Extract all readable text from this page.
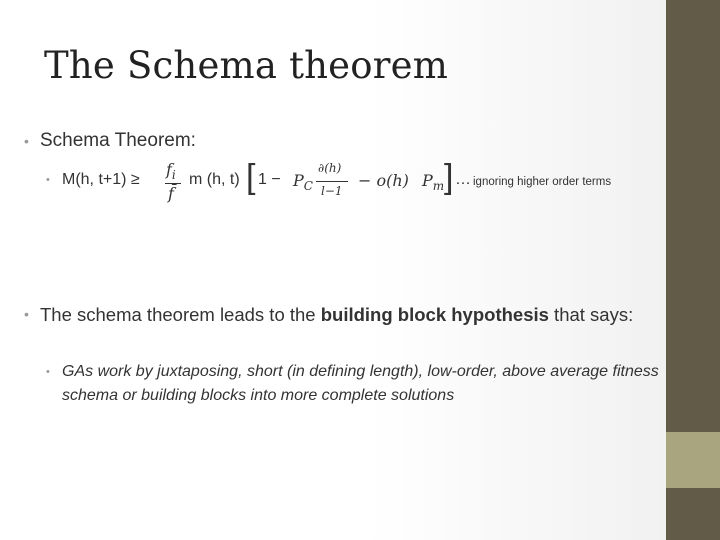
The Schema theorem
• Schema Theorem:
• M(h, t+1) ≥
$f_i$
f̄
m (h, t) [ $1 - P_C$
∂(h)
l−1
− o(h) $P_m$ ] … ignoring higher order terms
• The schema theorem leads to the building block hypothesis that says:
• GAs work by juxtaposing, short (in defining length), low-order, above average fitness schema or building blocks into more complete solutions
